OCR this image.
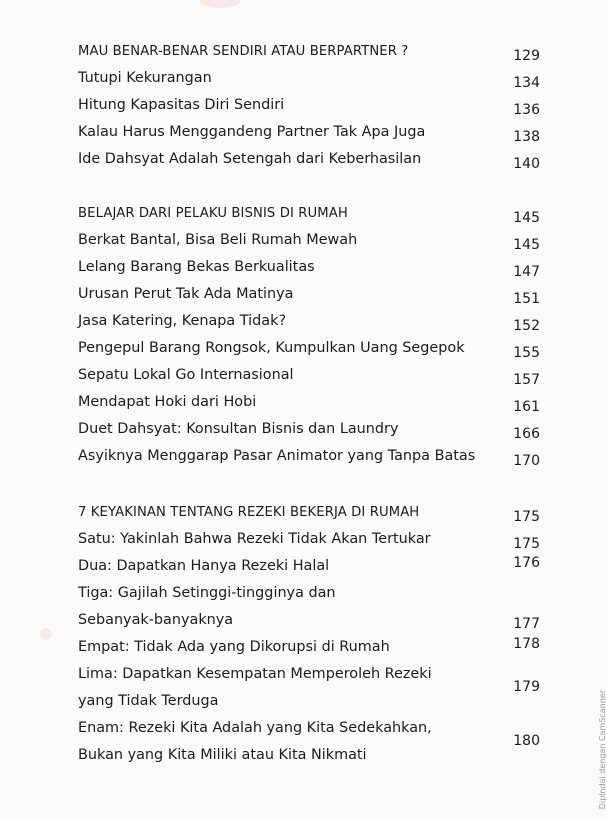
MAU BENAR-BENAR SENDIRI ATAU BERPARTNER ?	129
Tutupi Kekurangan	134
Hitung Kapasitas Diri Sendiri	136
Kalau Harus Menggandeng Partner Tak Apa Juga	138
Ide Dahsyat Adalah Setengah dari Keberhasilan	140
BELAJAR DARI PELAKU BISNIS DI RUMAH	145
Berkat Bantal, Bisa Beli Rumah Mewah	145
Lelang Barang Bekas Berkualitas	147
Urusan Perut Tak Ada Matinya	151
Jasa Katering, Kenapa Tidak?	152
Pengepul Barang Rongsok, Kumpulkan Uang Segepok	155
Sepatu Lokal Go Internasional	157
Mendapat Hoki dari Hobi	161
Duet Dahsyat: Konsultan Bisnis dan Laundry	166
Asyiknya Menggarap Pasar Animator yang Tanpa Batas	170
7 KEYAKINAN TENTANG REZEKI BEKERJA DI RUMAH	175
Satu: Yakinlah Bahwa Rezeki Tidak Akan Tertukar	175
Dua: Dapatkan Hanya Rezeki Halal	176
Tiga: Gajilah Setinggi-tingginya dan
Sebanyak-banyaknya	177
Empat: Tidak Ada yang Dikorupsi di Rumah	178
Lima: Dapatkan Kesempatan Memperoleh Rezeki
yang Tidak Terduga
179
Enam: Rezeki Kita Adalah yang Kita Sedekahkan,
Bukan yang Kita Miliki atau Kita Nikmati
180	Dipindai dengan CamScanner
